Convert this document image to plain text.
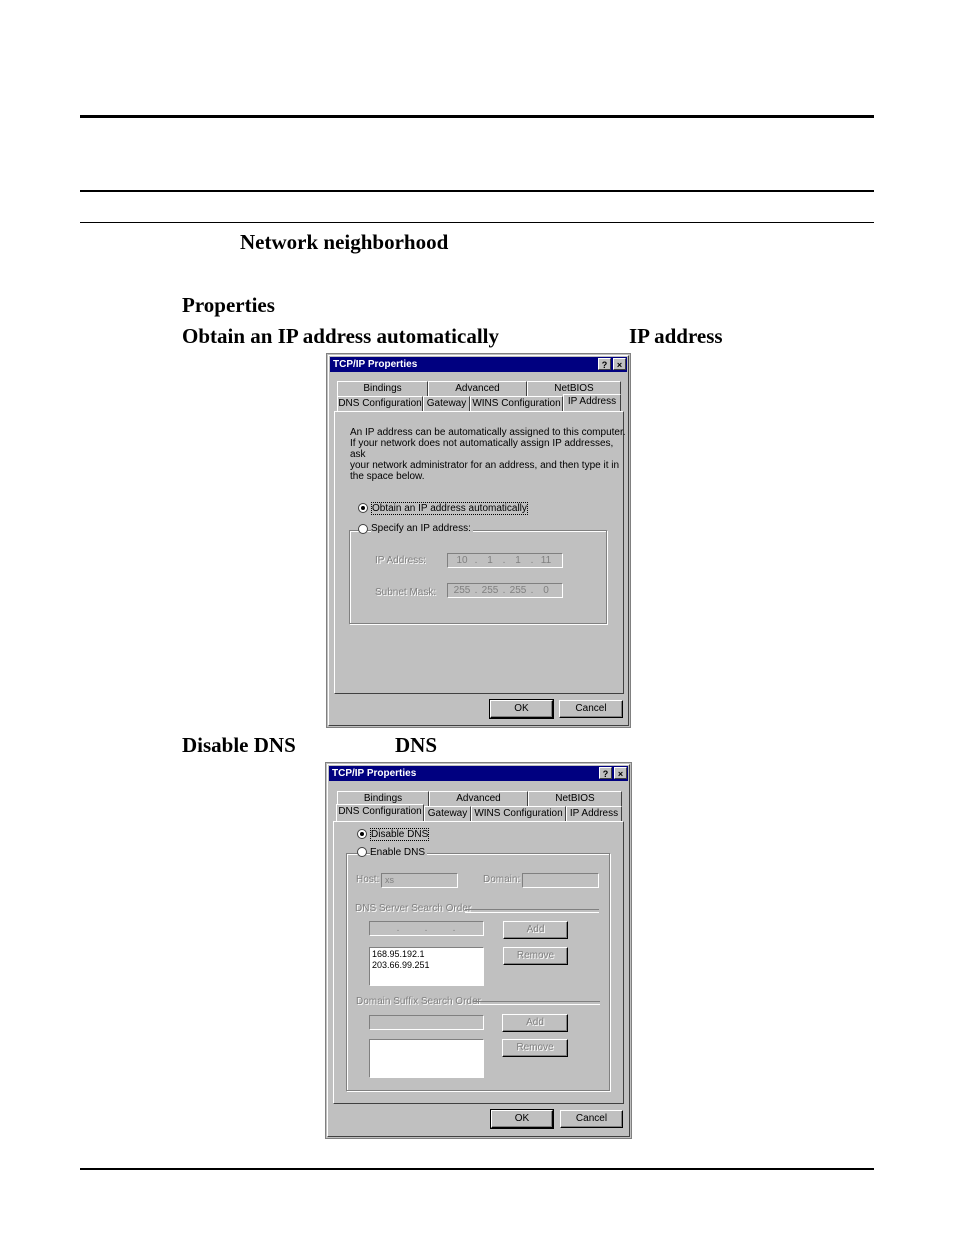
Network neighborhood
Properties
Obtain an IP address automatically	IP address
Disable DNS	DNS
TCP/IP Properties	?	×
Bindings	Advanced	NetBIOS
DNS Configuration Gateway WINS Configuration IP Address
An IP address can be automatically assigned to this computer.
If your network does not automatically assign IP addresses, ask
your network administrator for an address, and then type it in
the space below.
Obtain an IP address automatically
Specify an IP address:
IP Address:	10 . 1 . 1 . 11
Subnet Mask:	255 . 255 . 255 . 0
OK	Cancel
TCP/IP Properties	?	×
Bindings	Advanced	NetBIOS
DNS Configuration Gateway WINS Configuration IP Address
Disable DNS
Enable DNS
Host: xs	Domain:
DNS Server Search Order
.	.	.	Add
168.95.192.1
203.66.99.251
Remove
Domain Suffix Search Order
Add
Remove
OK	Cancel
